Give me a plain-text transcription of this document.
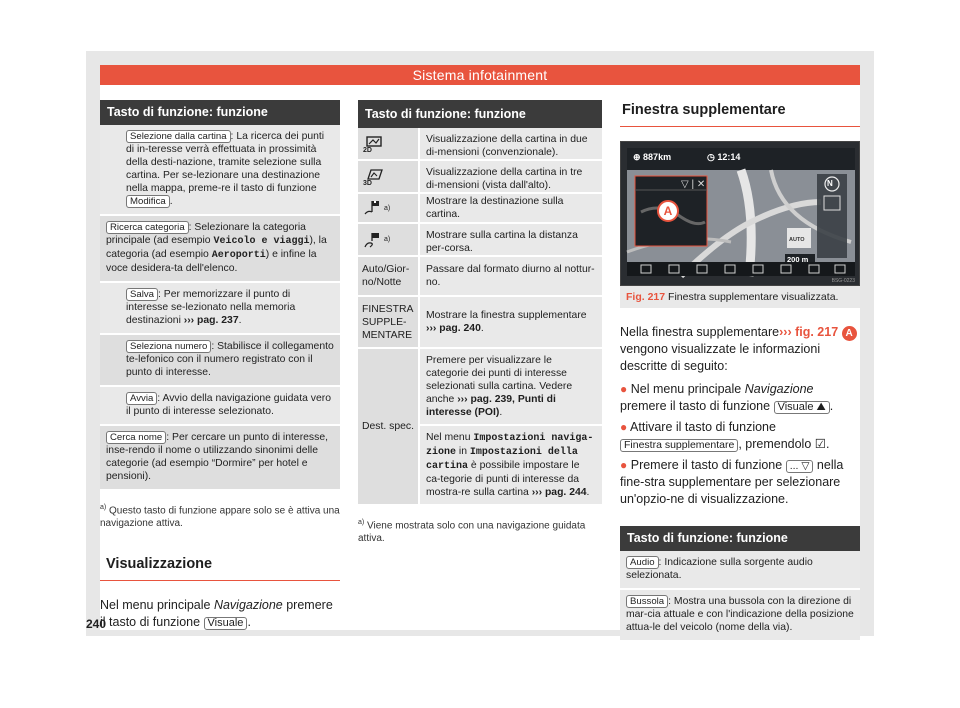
Sistema infotainment
Tasto di funzione: funzione
Selezione dalla cartina : La ricerca dei punti di in-teresse verrà effettuata in prossimità della desti-nazione, tramite selezione sulla cartina. Per se-lezionare una destinazione nella mappa, preme-re il tasto di funzione Modifica .
Ricerca categoria : Selezionare la categoria principale (ad esempio Veicolo e viaggi), la categoria (ad esempio Aeroporti) e infine la voce desidera-ta dell'elenco.
Salva : Per memorizzare il punto di interesse se-lezionato nella memoria destinazioni ››› pag. 237.
Seleziona numero : Stabilisce il collegamento te-lefonico con il numero registrato con il punto di interesse.
Avvia : Avvio della navigazione guidata vero il punto di interesse selezionato.
Cerca nome : Per cercare un punto di interesse, inse-rendo il nome o utilizzando sinonimi delle categorie (ad esempio “Dormire” per hotel e pensioni).
$^{a)}$ Questo tasto di funzione appare solo se è attiva una navigazione attiva.
Visualizzazione
Nel menu principale Navigazione premere il tasto di funzione Visuale .
Tasto di funzione: funzione
2D
Visualizzazione della cartina in due di-mensioni (convenzionale).
3D
Visualizzazione della cartina in tre di-mensioni (vista dall'alto).
a)
Mostrare la destinazione sulla cartina.
a)	Mostrare sulla cartina la distanza per-corsa.
Auto/Gior-no/Notte
Passare dal formato diurno al nottur-no.
FINESTRA SUPPLE-MENTARE
Mostrare la finestra supplementare ››› pag. 240.
Dest. spec.
Premere per visualizzare le categorie dei punti di interesse selezionati sulla cartina. Vedere anche ››› pag. 239, Punti di interesse (POI).
Nel menu Impostazioni naviga-zione in Impostazioni della cartina è possibile impostare le ca-tegorie di punti di interesse da mostra-re sulla cartina ››› pag. 244.
$^{a)}$ Viene mostrata solo con una navigazione guidata attiva.
Finestra supplementare
▽ | ✕
⊕ 887km	◷ 12:14
A
N
200 m
AUTO
BSG-0223
Fig. 217 Finestra supplementare visualizzata.
Nella finestra supplementare››› fig. 217 A vengono visualizzate le informazioni descritte di seguito:
● Nel menu principale Navigazione premere il tasto di funzione Visuale ⛰ .
● Attivare il tasto di funzione Finestra supplementare , premendolo ☑.
● Premere il tasto di funzione ... ▽ nella fine-stra supplementare per selezionare un'opzio-ne di visualizzazione.
Tasto di funzione: funzione
Audio : Indicazione sulla sorgente audio selezionata.
Bussola : Mostra una bussola con la direzione di mar-cia attuale e con l'indicazione della posizione attua-le del veicolo (nome della via).
240
